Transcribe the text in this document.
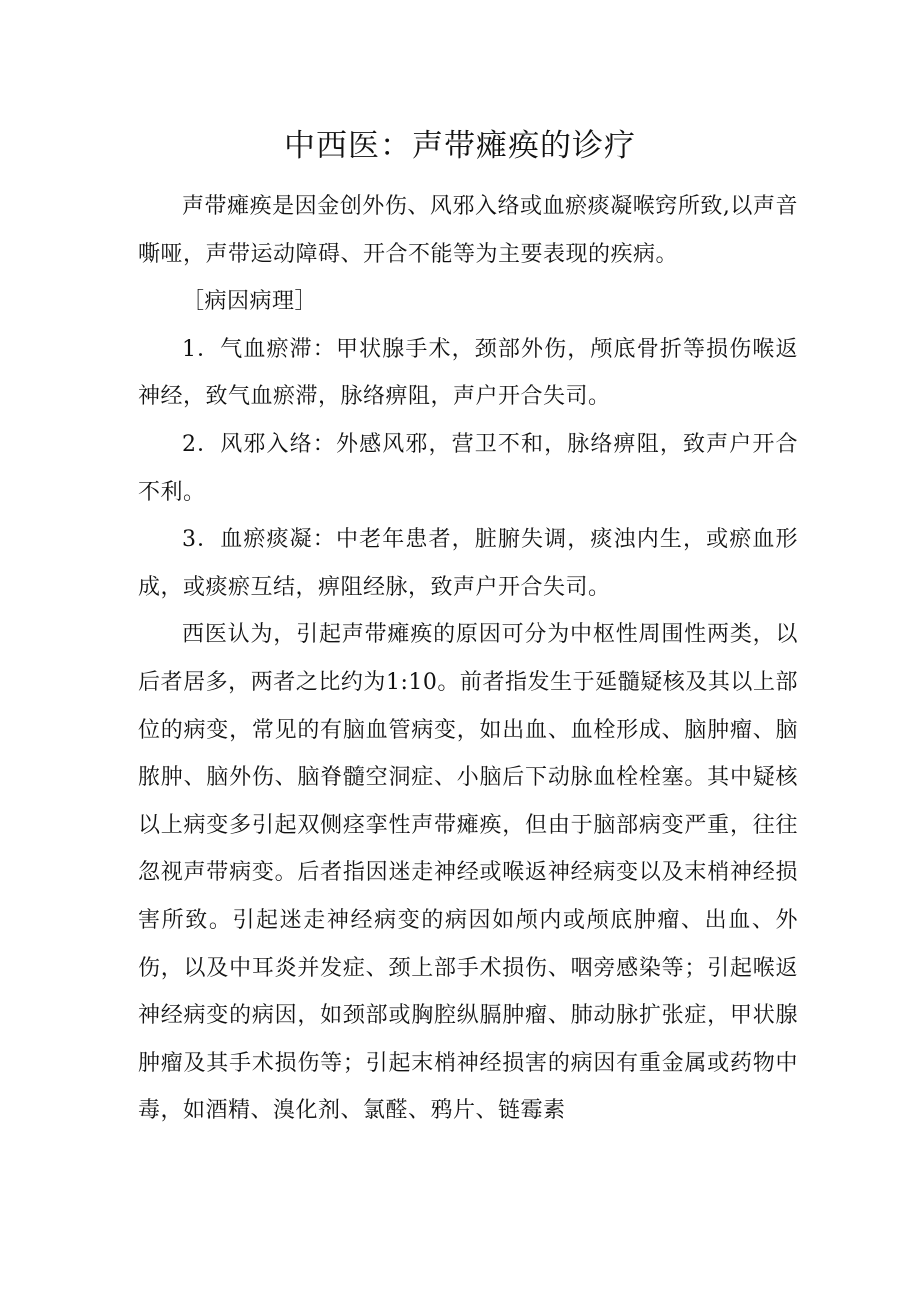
中西医：声带瘫痪的诊疗

声带瘫痪是因金创外伤、风邪入络或血瘀痰凝喉窍所致,以声音嘶哑，声带运动障碍、开合不能等为主要表现的疾病。

［病因病理］

1．气血瘀滞：甲状腺手术，颈部外伤，颅底骨折等损伤喉返神经，致气血瘀滞，脉络痹阻，声户开合失司。

2．风邪入络：外感风邪，营卫不和，脉络痹阻，致声户开合不利。

3．血瘀痰凝：中老年患者，脏腑失调，痰浊内生，或瘀血形成，或痰瘀互结，痹阻经脉，致声户开合失司。

西医认为，引起声带瘫痪的原因可分为中枢性周围性两类，以后者居多，两者之比约为1:10。前者指发生于延髓疑核及其以上部位的病变，常见的有脑血管病变，如出血、血栓形成、脑肿瘤、脑脓肿、脑外伤、脑脊髓空洞症、小脑后下动脉血栓栓塞。其中疑核以上病变多引起双侧痉挛性声带瘫痪，但由于脑部病变严重，往往忽视声带病变。后者指因迷走神经或喉返神经病变以及末梢神经损害所致。引起迷走神经病变的病因如颅内或颅底肿瘤、出血、外伤，以及中耳炎并发症、颈上部手术损伤、咽旁感染等；引起喉返神经病变的病因，如颈部或胸腔纵膈肿瘤、肺动脉扩张症，甲状腺肿瘤及其手术损伤等；引起末梢神经损害的病因有重金属或药物中毒，如酒精、溴化剂、氯醛、鸦片、链霉素
